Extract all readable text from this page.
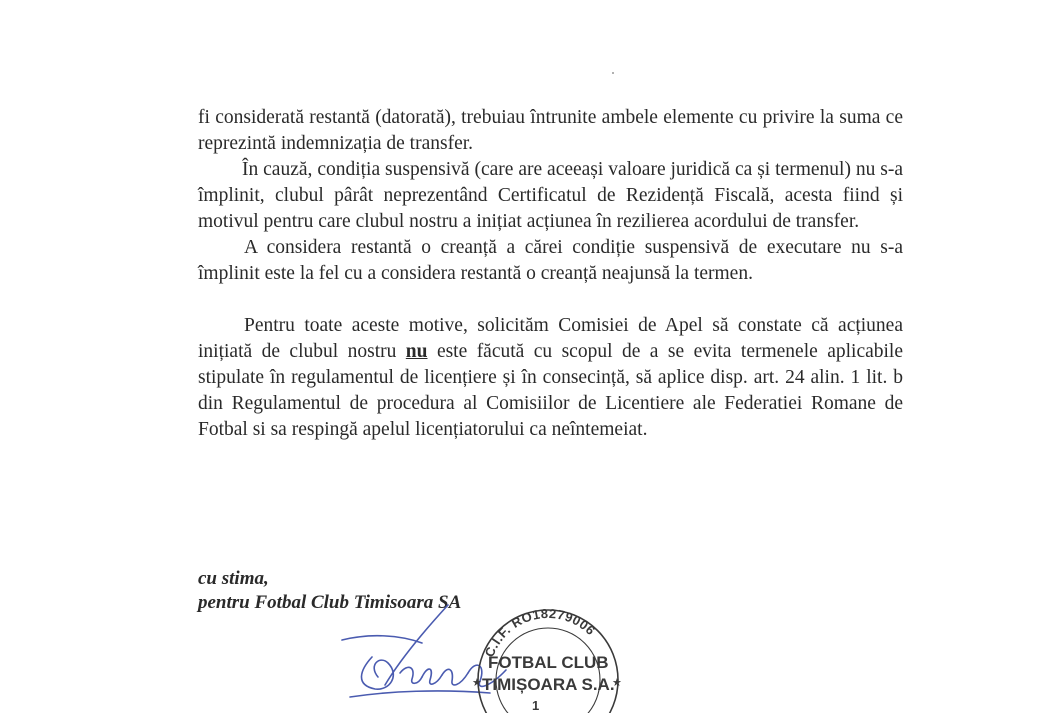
fi considerată restantă (datorată), trebuiau întrunite ambele elemente cu privire la suma ce reprezintă indemnizația de transfer.

În cauză, condiția suspensivă (care are aceeași valoare juridică ca și termenul) nu s-a împlinit, clubul pârât neprezentând Certificatul de Rezidență Fiscală, acesta fiind și motivul pentru care clubul nostru a inițiat acțiunea în rezilierea acordului de transfer.

A considera restantă o creanță a cărei condiție suspensivă de executare nu s-a împlinit este la fel cu a considera restantă o creanță neajunsă la termen.

Pentru toate aceste motive, solicităm Comisiei de Apel să constate că acțiunea inițiată de clubul nostru nu este făcută cu scopul de a se evita termenele aplicabile stipulate în regulamentul de licențiere și în consecință, să aplice disp. art. 24 alin. 1 lit. b din Regulamentul de procedura al Comisiilor de Licentiere ale Federatiei Romane de Fotbal si sa respingă apelul licențiatorului ca neîntemeiat.

cu stima,
pentru Fotbal Club Timisoara SA
C.I.F. RO18279006
FOTBAL CLUB
TIMIȘOARA S.A.
1
★	★
